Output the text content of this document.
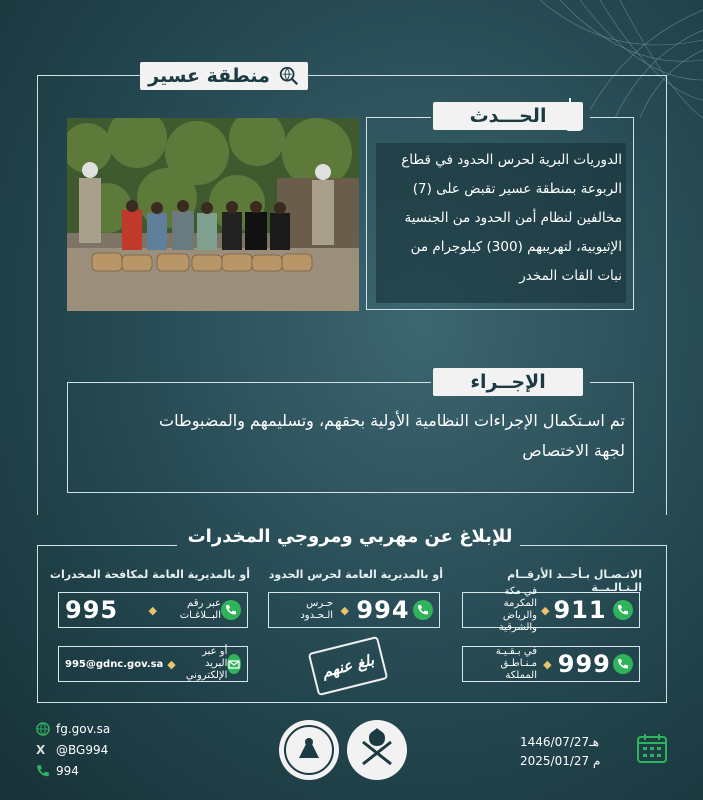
منطقة عسير
الحـــدث
الدوريات البرية لحرس الحدود في قطاع
الربوعة بمنطقة عسير تقبض على (7)
مخالفين لنظام أمن الحدود من الجنسية
الإثيوبية، لتهريبهم (300) كيلوجرام من
نبات القات المخدر
الإجــراء
تم اسـتكمال الإجراءات النظامية الأولية بحقهم، وتسليمهم والمضبوطات
لجهة الاختصاص
للإبلاغ عن مهربي ومروجي المخدرات
الاتـصـال بـأحــد الأرقــام الـتـالـيــة
أو بالمديرية العامة لحرس الحدود
أو بالمديرية العامة لمكافحة المخدرات
911
◆
في مكة المكرمة والرياض والشرقية
999
◆
في بـقـيـة مـنـاطـق المملكة
994
◆
حـرس الـحـدود
عبر رقم البــلاغـات
◆
995
أو عبر البريد الإلكتروني
◆
995@gdnc.gov.sa	بلغ عنهم
fg.gov.sa
X @BG994
994
1446/07/27هـ
2025/01/27 م
